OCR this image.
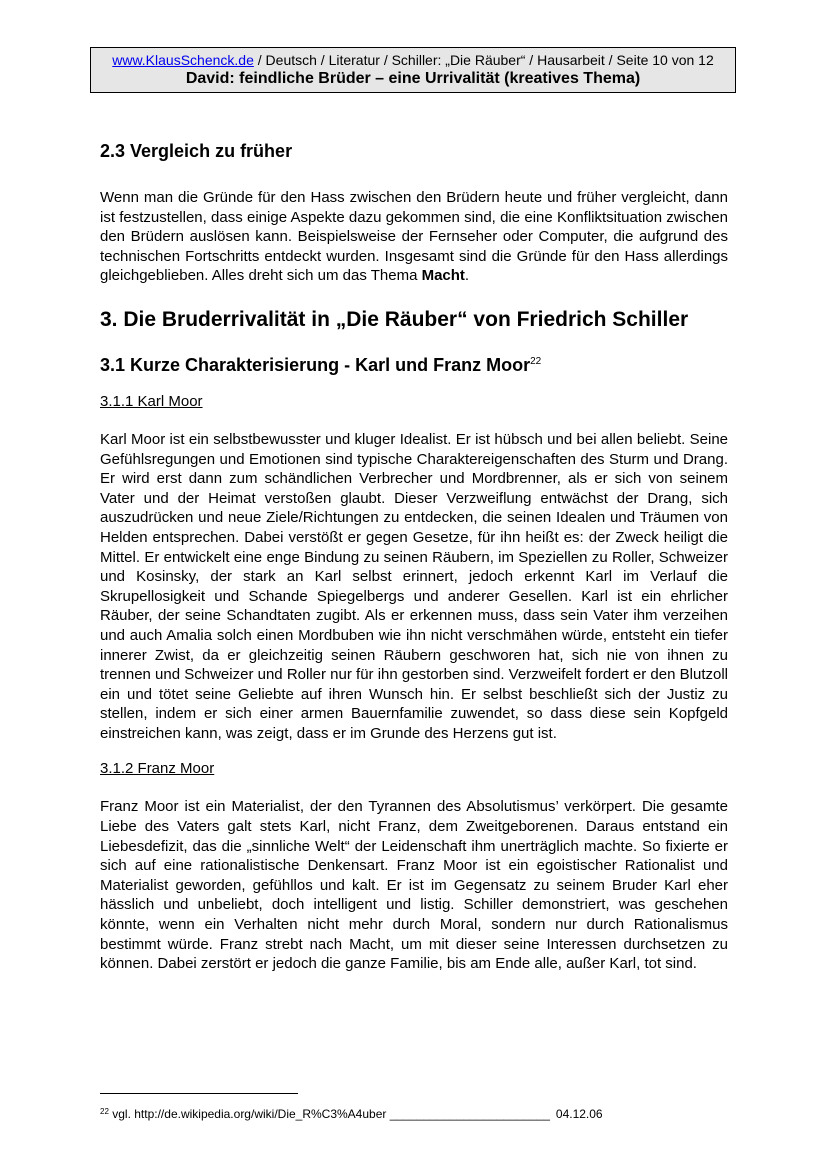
www.KlausSchenck.de / Deutsch / Literatur / Schiller: „Die Räuber“ / Hausarbeit / Seite 10 von 12
David: feindliche Brüder – eine Urrivalität (kreatives Thema)
2.3 Vergleich zu früher

Wenn man die Gründe für den Hass zwischen den Brüdern heute und früher vergleicht, dann ist festzustellen, dass einige Aspekte dazu gekommen sind, die eine Konfliktsituation zwischen den Brüdern auslösen kann. Beispielsweise der Fernseher oder Computer, die aufgrund des technischen Fortschritts entdeckt wurden. Insgesamt sind die Gründe für den Hass allerdings gleichgeblieben. Alles dreht sich um das Thema Macht.

3. Die Bruderrivalität in „Die Räuber“ von Friedrich Schiller
3.1 Kurze Charakterisierung - Karl und Franz Moor$^{22}$
3.1.1 Karl Moor

Karl Moor ist ein selbstbewusster und kluger Idealist. Er ist hübsch und bei allen beliebt. Seine Gefühlsregungen und Emotionen sind typische Charaktereigenschaften des Sturm und Drang. Er wird erst dann zum schändlichen Verbrecher und Mordbrenner, als er sich von seinem Vater und der Heimat verstoßen glaubt. Dieser Verzweiflung entwächst der Drang, sich auszudrücken und neue Ziele/Richtungen zu entdecken, die seinen Idealen und Träumen von Helden entsprechen. Dabei verstößt er gegen Gesetze, für ihn heißt es: der Zweck heiligt die Mittel. Er entwickelt eine enge Bindung zu seinen Räubern, im Speziellen zu Roller, Schweizer und Kosinsky, der stark an Karl selbst erinnert, jedoch erkennt Karl im Verlauf die Skrupellosigkeit und Schande Spiegelbergs und anderer Gesellen. Karl ist ein ehrlicher Räuber, der seine Schandtaten zugibt. Als er erkennen muss, dass sein Vater ihm verzeihen und auch Amalia solch einen Mordbuben wie ihn nicht verschmähen würde, entsteht ein tiefer innerer Zwist, da er gleichzeitig seinen Räubern geschworen hat, sich nie von ihnen zu trennen und Schweizer und Roller nur für ihn gestorben sind. Verzweifelt fordert er den Blutzoll ein und tötet seine Geliebte auf ihren Wunsch hin. Er selbst beschließt sich der Justiz zu stellen, indem er sich einer armen Bauernfamilie zuwendet, so dass diese sein Kopfgeld einstreichen kann, was zeigt, dass er im Grunde des Herzens gut ist.

3.1.2 Franz Moor

Franz Moor ist ein Materialist, der den Tyrannen des Absolutismus’ verkörpert. Die gesamte Liebe des Vaters galt stets Karl, nicht Franz, dem Zweitgeborenen. Daraus entstand ein Liebesdefizit, das die „sinnliche Welt“ der Leidenschaft ihm unerträglich machte. So fixierte er sich auf eine rationalistische Denkensart. Franz Moor ist ein egoistischer Rationalist und Materialist geworden, gefühllos und kalt. Er ist im Gegensatz zu seinem Bruder Karl eher hässlich und unbeliebt, doch intelligent und listig. Schiller demonstriert, was geschehen könnte, wenn ein Verhalten nicht mehr durch Moral, sondern nur durch Rationalismus bestimmt würde. Franz strebt nach Macht, um mit dieser seine Interessen durchsetzen zu können. Dabei zerstört er jedoch die ganze Familie, bis am Ende alle, außer Karl, tot sind.

$^{22}$ vgl. http://de.wikipedia.org/wiki/Die_R%C3%A4uber ________________________ 04.12.06
